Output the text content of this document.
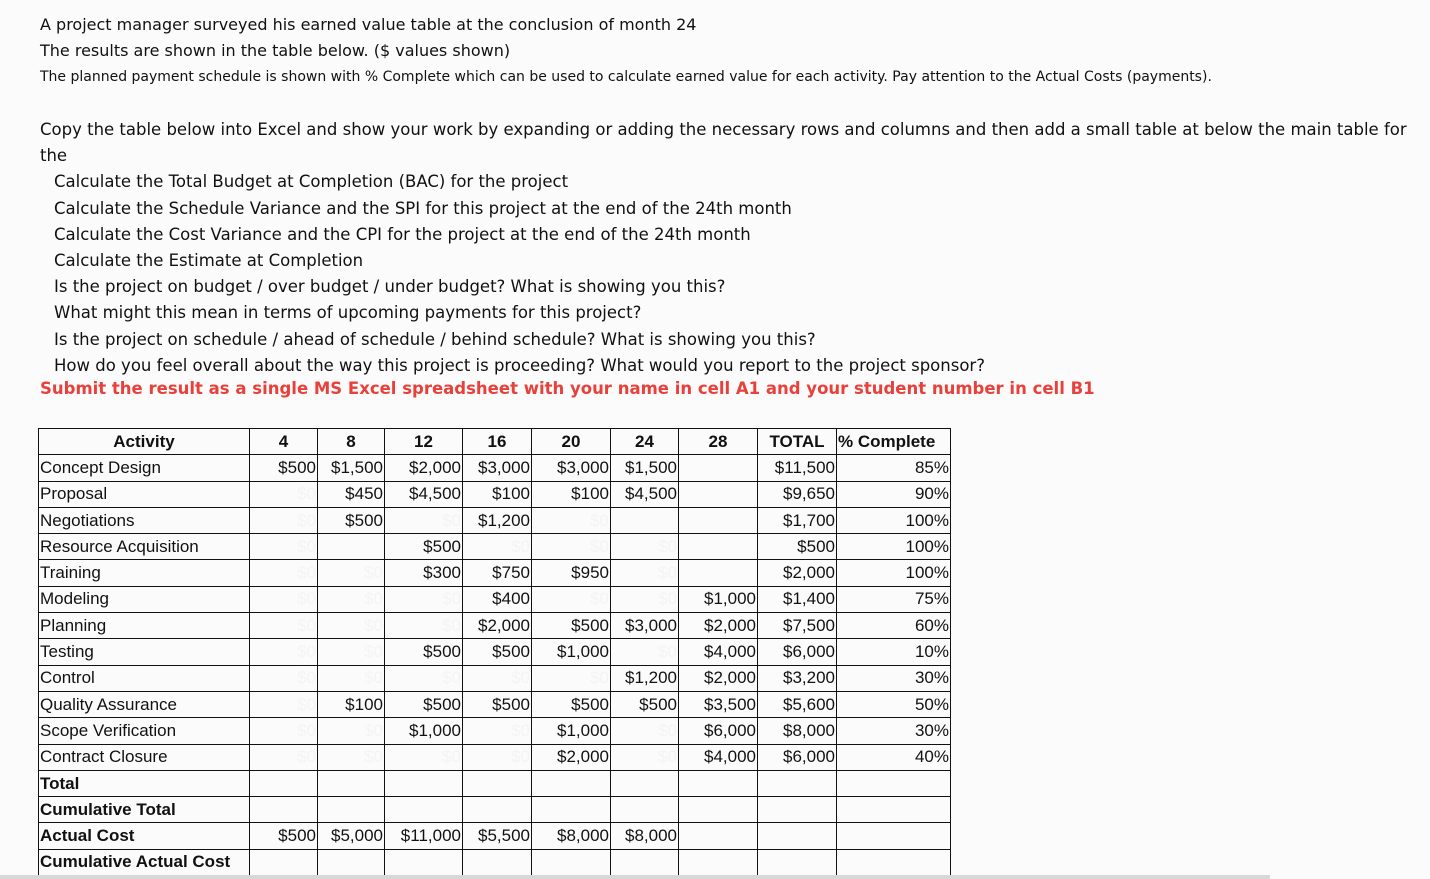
A project manager surveyed his earned value table at the conclusion of month 24
The results are shown in the table below. ($ values shown)
The planned payment schedule is shown with % Complete which can be used to calculate earned value for each activity. Pay attention to the Actual Costs (payments).
Copy the table below into Excel and show your work by expanding or adding the necessary rows and columns and then add a small table at below the main table for the
Calculate the Total Budget at Completion (BAC) for the project
Calculate the Schedule Variance and the SPI for this project at the end of the 24th month
Calculate the Cost Variance and the CPI for the project at the end of the 24th month
Calculate the Estimate at Completion
Is the project on budget / over budget / under budget? What is showing you this?
What might this mean in terms of upcoming payments for this project?
Is the project on schedule / ahead of schedule / behind schedule? What is showing you this?
How do you feel overall about the way this project is proceeding? What would you report to the project sponsor?
Submit the result as a single MS Excel spreadsheet with your name in cell A1 and your student number in cell B1
Activity	4	8	12	16	20	24	28	TOTAL	% Complete
Concept Design	$500	$1,500	$2,000	$3,000	$3,000	$1,500		$11,500	85%
Proposal	$0	$450	$4,500	$100	$100	$4,500		$9,650	90%
Negotiations	$0	$500	$0	$1,200	$0			$1,700	100%
Resource Acquisition	$0		$500	$0	$0	$0		$500	100%
Training	$0	$0	$300	$750	$950	$0		$2,000	100%
Modeling	$0	$0	$0	$400	$0	$0	$1,000	$1,400	75%
Planning	$0	$0	$0	$2,000	$500	$3,000	$2,000	$7,500	60%
Testing	$0	$0	$500	$500	$1,000	$0	$4,000	$6,000	10%
Control	$0	$0	$0	$0	$0	$1,200	$2,000	$3,200	30%
Quality Assurance	$0	$100	$500	$500	$500	$500	$3,500	$5,600	50%
Scope Verification	$0	$0	$1,000	$0	$1,000	$0	$6,000	$8,000	30%
Contract Closure	$0	$0	$0	$0	$2,000	$0	$4,000	$6,000	40%
Total									
Cumulative Total									
Actual Cost	$500	$5,000	$11,000	$5,500	$8,000	$8,000			
Cumulative Actual Cost									
